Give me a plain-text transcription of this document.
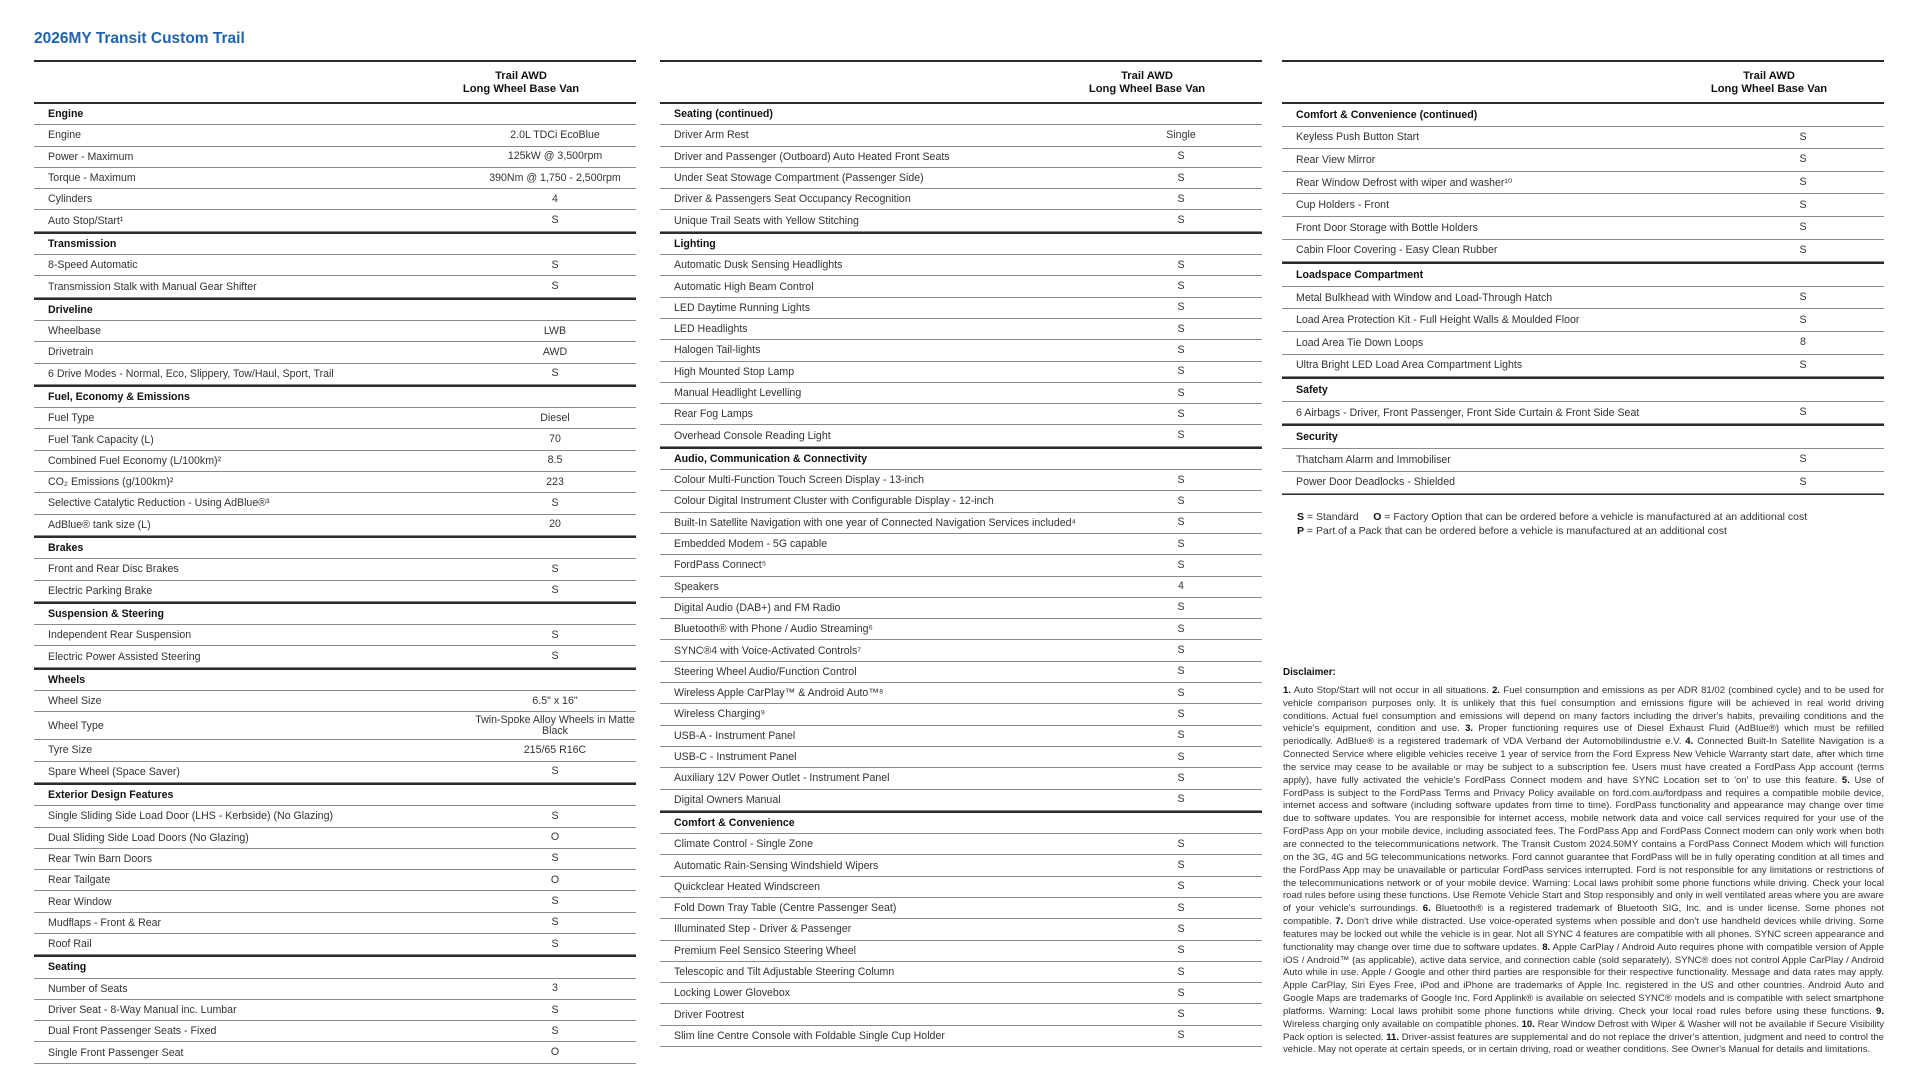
2026MY Transit Custom Trail
Trail AWD
Long Wheel Base Van
Engine
Engine	2.0L TDCi EcoBlue
Power - Maximum	125kW @ 3,500rpm
Torque - Maximum	390Nm @ 1,750 - 2,500rpm
Cylinders	4
Auto Stop/Start¹	S
Transmission
8-Speed Automatic	S
Transmission Stalk with Manual Gear Shifter	S
Driveline
Wheelbase	LWB
Drivetrain	AWD
6 Drive Modes - Normal, Eco, Slippery, Tow/Haul, Sport, Trail	S
Fuel, Economy & Emissions
Fuel Type	Diesel
Fuel Tank Capacity (L)	70
Combined Fuel Economy (L/100km)²	8.5
CO₂ Emissions (g/100km)²	223
Selective Catalytic Reduction - Using AdBlue®³	S
AdBlue® tank size (L)	20
Brakes
Front and Rear Disc Brakes	S
Electric Parking Brake	S
Suspension & Steering
Independent Rear Suspension	S
Electric Power Assisted Steering	S
Wheels
Wheel Size	6.5" x 16"
Wheel Type	Twin-Spoke Alloy Wheels in Matte Black
Tyre Size	215/65 R16C
Spare Wheel (Space Saver)	S
Exterior Design Features
Single Sliding Side Load Door (LHS - Kerbside) (No Glazing)	S
Dual Sliding Side Load Doors (No Glazing)	O
Rear Twin Barn Doors	S
Rear Tailgate	O
Rear Window	S
Mudflaps - Front & Rear	S
Roof Rail	S
Seating
Number of Seats	3
Driver Seat - 8-Way Manual inc. Lumbar	S
Dual Front Passenger Seats - Fixed	S
Single Front Passenger Seat	O
Trail AWD
Long Wheel Base Van
Seating (continued)
Driver Arm Rest	Single
Driver and Passenger (Outboard) Auto Heated Front Seats	S
Under Seat Stowage Compartment (Passenger Side)	S
Driver & Passengers Seat Occupancy Recognition	S
Unique Trail Seats with Yellow Stitching	S
Lighting
Automatic Dusk Sensing Headlights	S
Automatic High Beam Control	S
LED Daytime Running Lights	S
LED Headlights	S
Halogen Tail-lights	S
High Mounted Stop Lamp	S
Manual Headlight Levelling	S
Rear Fog Lamps	S
Overhead Console Reading Light	S
Audio, Communication & Connectivity
Colour Multi-Function Touch Screen Display - 13-inch	S
Colour Digital Instrument Cluster with Configurable Display - 12-inch	S
Built-In Satellite Navigation with one year of Connected Navigation Services included⁴	S
Embedded Modem - 5G capable	S
FordPass Connect⁵	S
Speakers	4
Digital Audio (DAB+) and FM Radio	S
Bluetooth® with Phone / Audio Streaming⁶	S
SYNC®4 with Voice-Activated Controls⁷	S
Steering Wheel Audio/Function Control	S
Wireless Apple CarPlay™ & Android Auto™⁸	S
Wireless Charging⁹	S
USB-A - Instrument Panel	S
USB-C - Instrument Panel	S
Auxiliary 12V Power Outlet - Instrument Panel	S
Digital Owners Manual	S
Comfort & Convenience
Climate Control - Single Zone	S
Automatic Rain-Sensing Windshield Wipers	S
Quickclear Heated Windscreen	S
Fold Down Tray Table (Centre Passenger Seat)	S
Illuminated Step - Driver & Passenger	S
Premium Feel Sensico Steering Wheel	S
Telescopic and Tilt Adjustable Steering Column	S
Locking Lower Glovebox	S
Driver Footrest	S
Slim line Centre Console with Foldable Single Cup Holder	S
Trail AWD
Long Wheel Base Van
Comfort & Convenience (continued)
Keyless Push Button Start	S
Rear View Mirror	S
Rear Window Defrost with wiper and washer¹⁰	S
Cup Holders - Front	S
Front Door Storage with Bottle Holders	S
Cabin Floor Covering - Easy Clean Rubber	S
Loadspace Compartment
Metal Bulkhead with Window and Load-Through Hatch	S
Load Area Protection Kit - Full Height Walls & Moulded Floor	S
Load Area Tie Down Loops	8
Ultra Bright LED Load Area Compartment Lights	S
Safety
6 Airbags - Driver, Front Passenger, Front Side Curtain & Front Side Seat	S
Security
Thatcham Alarm and Immobiliser	S
Power Door Deadlocks - Shielded	S
S = Standard O = Factory Option that can be ordered before a vehicle is manufactured at an additional cost
P = Part of a Pack that can be ordered before a vehicle is manufactured at an additional cost
Disclaimer:

1. Auto Stop/Start will not occur in all situations. 2. Fuel consumption and emissions as per ADR 81/02 (combined cycle) and to be used for vehicle comparison purposes only. It is unlikely that this fuel consumption and emissions figure will be achieved in real world driving conditions. Actual fuel consumption and emissions will depend on many factors including the driver's habits, prevailing conditions and the vehicle's equipment, condition and use. 3. Proper functioning requires use of Diesel Exhaust Fluid (AdBlue®) which must be refilled periodically. AdBlue® is a registered trademark of VDA Verband der Automobilindustrie e.V. 4. Connected Built-In Satellite Navigation is a Connected Service where eligible vehicles receive 1 year of service from the Ford Express New Vehicle Warranty start date, after which time the service may cease to be available or may be subject to a subscription fee. Users must have created a FordPass App account (terms apply), have fully activated the vehicle's FordPass Connect modem and have SYNC Location set to 'on' to use this feature. 5. Use of FordPass is subject to the FordPass Terms and Privacy Policy available on ford.com.au/fordpass and requires a compatible mobile device, internet access and software (including software updates from time to time). FordPass functionality and appearance may change over time due to software updates. You are responsible for internet access, mobile network data and voice call services required for your use of the FordPass App on your mobile device, including associated fees. The FordPass App and FordPass Connect modem can only work when both are connected to the telecommunications network. The Transit Custom 2024.50MY contains a FordPass Connect Modem which will function on the 3G, 4G and 5G telecommunications networks. Ford cannot guarantee that FordPass will be in fully operating condition at all times and the FordPass App may be unavailable or particular FordPass services interrupted. Ford is not responsible for any limitations or restrictions of the telecommunications network or of your mobile device. Warning: Local laws prohibit some phone functions while driving. Check your local road rules before using these functions. Use Remote Vehicle Start and Stop responsibly and only in well ventilated areas where you are aware of your vehicle's surroundings. 6. Bluetooth® is a registered trademark of Bluetooth SIG, Inc. and is under license. Some phones not compatible. 7. Don't drive while distracted. Use voice-operated systems when possible and don't use handheld devices while driving. Some features may be locked out while the vehicle is in gear. Not all SYNC 4 features are compatible with all phones. SYNC screen appearance and functionality may change over time due to software updates. 8. Apple CarPlay / Android Auto requires phone with compatible version of Apple iOS / Android™ (as applicable), active data service, and connection cable (sold separately). SYNC® does not control Apple CarPlay / Android Auto while in use. Apple / Google and other third parties are responsible for their respective functionality. Message and data rates may apply. Apple CarPlay, Siri Eyes Free, iPod and iPhone are trademarks of Apple Inc. registered in the US and other countries. Android Auto and Google Maps are trademarks of Google Inc. Ford Applink® is available on selected SYNC® models and is compatible with select smartphone platforms. Warning: Local laws prohibit some phone functions while driving. Check your local road rules before using these functions. 9. Wireless charging only available on compatible phones. 10. Rear Window Defrost with Wiper & Washer will not be available if Secure Visibility Pack option is selected. 11. Driver-assist features are supplemental and do not replace the driver's attention, judgment and need to control the vehicle. May not operate at certain speeds, or in certain driving, road or weather conditions. See Owner's Manual for details and limitations.
